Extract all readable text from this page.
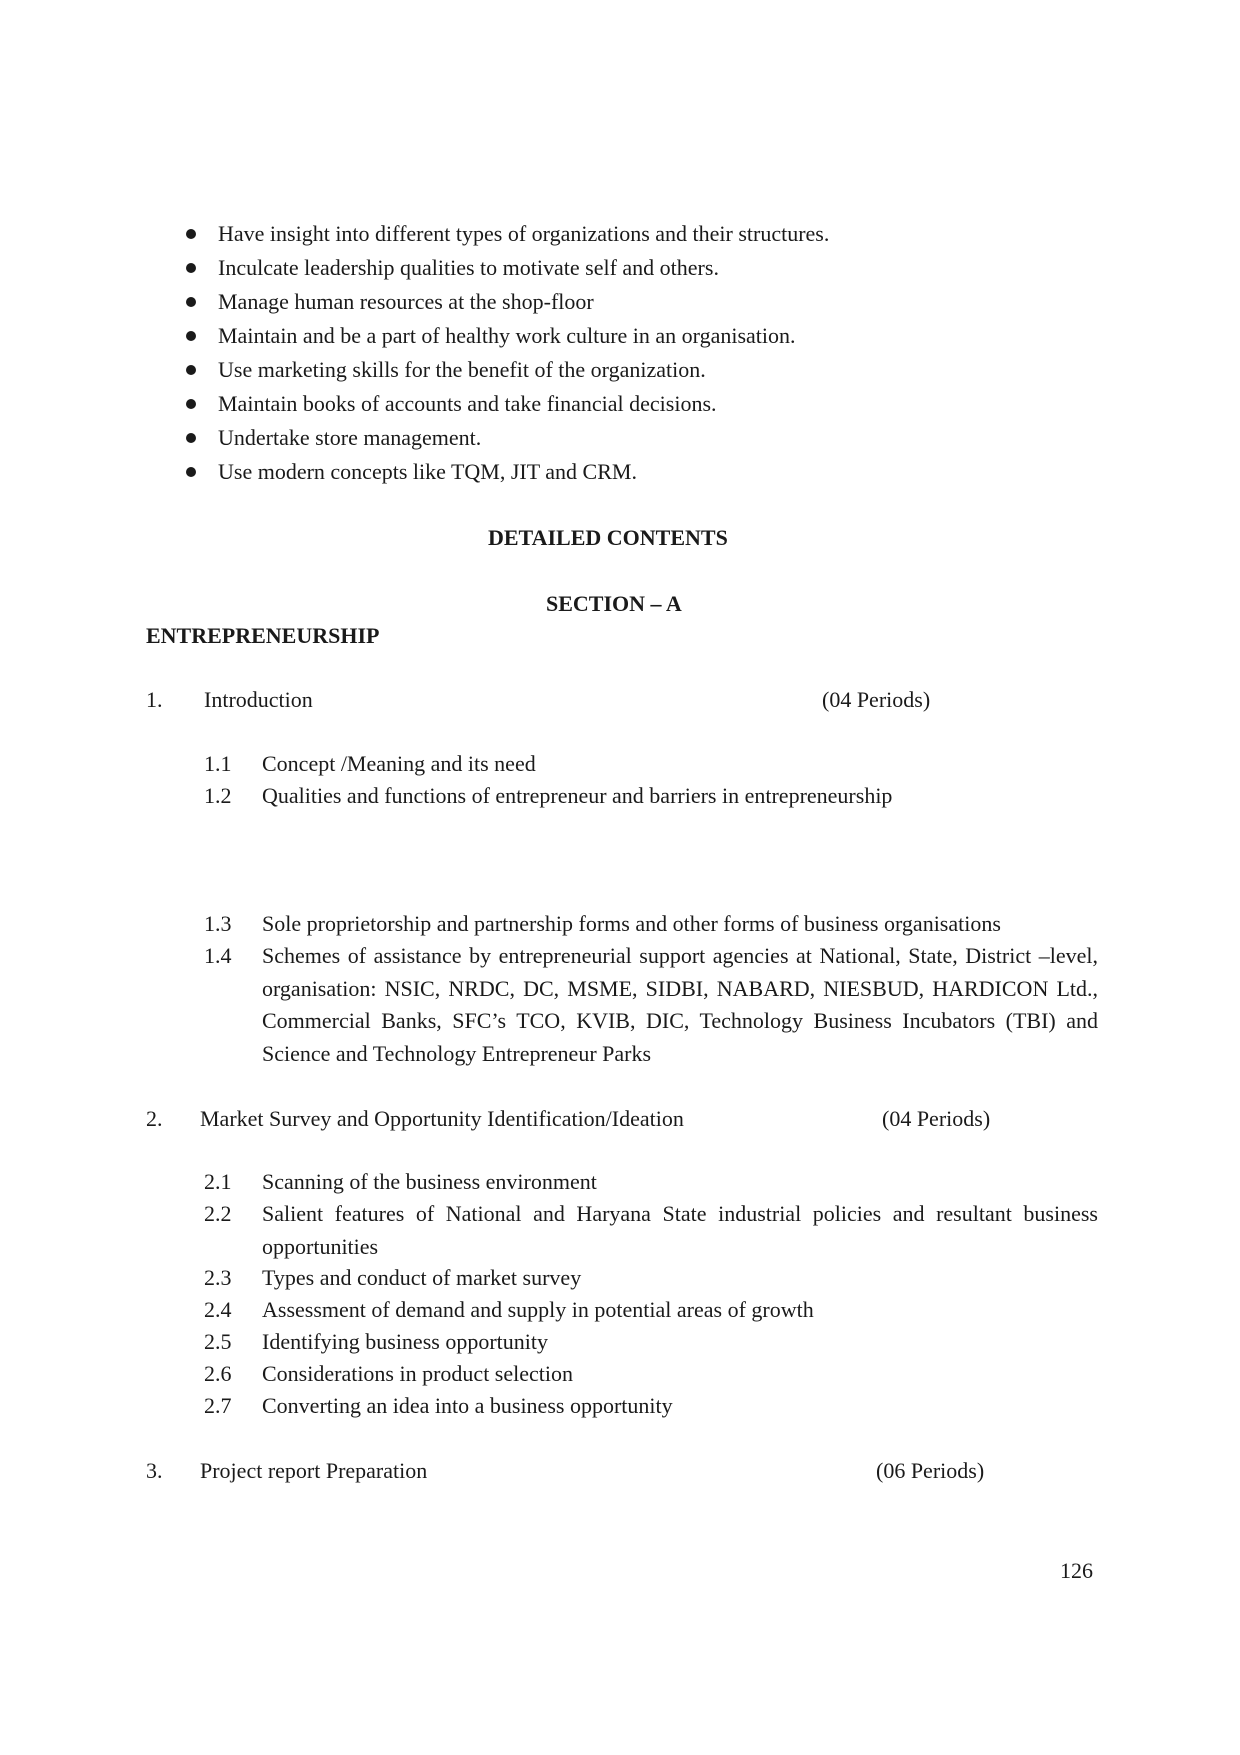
Have insight into different types of organizations and their structures.
Inculcate leadership qualities to motivate self and others.
Manage human resources at the shop-floor
Maintain and be a part of healthy work culture in an organisation.
Use marketing skills for the benefit of the organization.
Maintain books of accounts and take financial decisions.
Undertake store management.
Use modern concepts like TQM, JIT and CRM.
DETAILED CONTENTS
SECTION – A
ENTREPRENEURSHIP
1. Introduction	(04 Periods)
1.1 Concept /Meaning and its need
1.2 Qualities and functions of entrepreneur and barriers in entrepreneurship
1.3 Sole proprietorship and partnership forms and other forms of business organisations
1.4 Schemes of assistance by entrepreneurial support agencies at National, State, District –level, organisation: NSIC, NRDC, DC, MSME, SIDBI, NABARD, NIESBUD, HARDICON Ltd., Commercial Banks, SFC’s TCO, KVIB, DIC, Technology Business Incubators (TBI) and Science and Technology Entrepreneur Parks
2. Market Survey and Opportunity Identification/Ideation	(04 Periods)
2.1 Scanning of the business environment
2.2 Salient features of National and Haryana State industrial policies and resultant business opportunities
2.3 Types and conduct of market survey
2.4 Assessment of demand and supply in potential areas of growth
2.5 Identifying business opportunity
2.6 Considerations in product selection
2.7 Converting an idea into a business opportunity
3. Project report Preparation	(06 Periods)
126
